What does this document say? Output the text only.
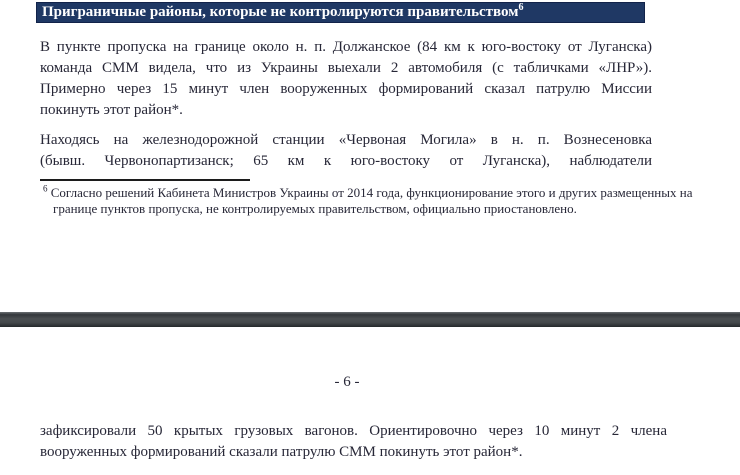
Приграничные районы, которые не контролируются правительством$^6$
В пункте пропуска на границе около н. п. Должанское (84 км к юго-востоку от Луганска)
команда СММ видела, что из Украины выехали 2 автомобиля (с табличками «ЛНР»).
Примерно через 15 минут член вооруженных формирований сказал патрулю Миссии
покинуть этот район*.
Находясь на железнодорожной станции «Червоная Могила» в н. п. Вознесеновка
(бывш. Червонопартизанск; 65 км к юго-востоку от Луганска), наблюдатели
$^6$ Согласно решений Кабинета Министров Украины от 2014 года, функционирование этого и других размещенных на
границе пунктов пропуска, не контролируемых правительством, официально приостановлено.
- 6 -
зафиксировали 50 крытых грузовых вагонов. Ориентировочно через 10 минут 2 члена
вооруженных формирований сказали патрулю СММ покинуть этот район*.
